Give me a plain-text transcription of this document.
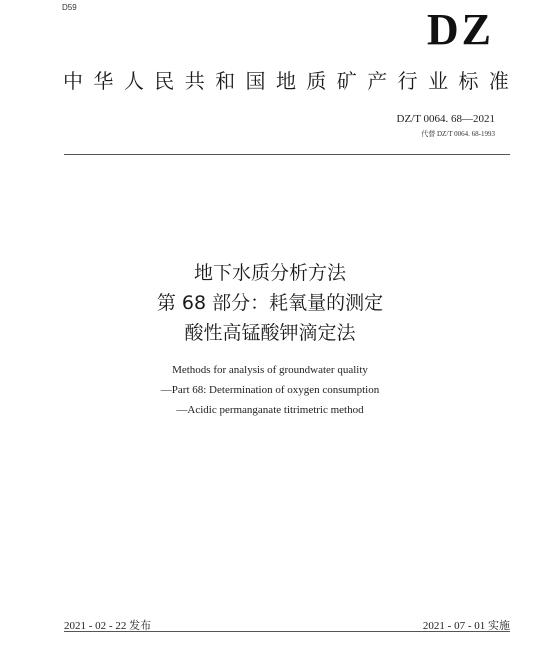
D59	DZ
中 华 人 民 共 和 国 地 质 矿 产 行 业 标 准
DZ/T 0064. 68—2021
代替 DZ/T 0064. 68-1993
地下水质分析方法
第 68 部分：耗氧量的测定
酸性高锰酸钾滴定法
Methods for analysis of groundwater quality
—Part 68: Determination of oxygen consumption
—Acidic permanganate titrimetric method
2021 - 02 - 22 发布	2021 - 07 - 01 实施
